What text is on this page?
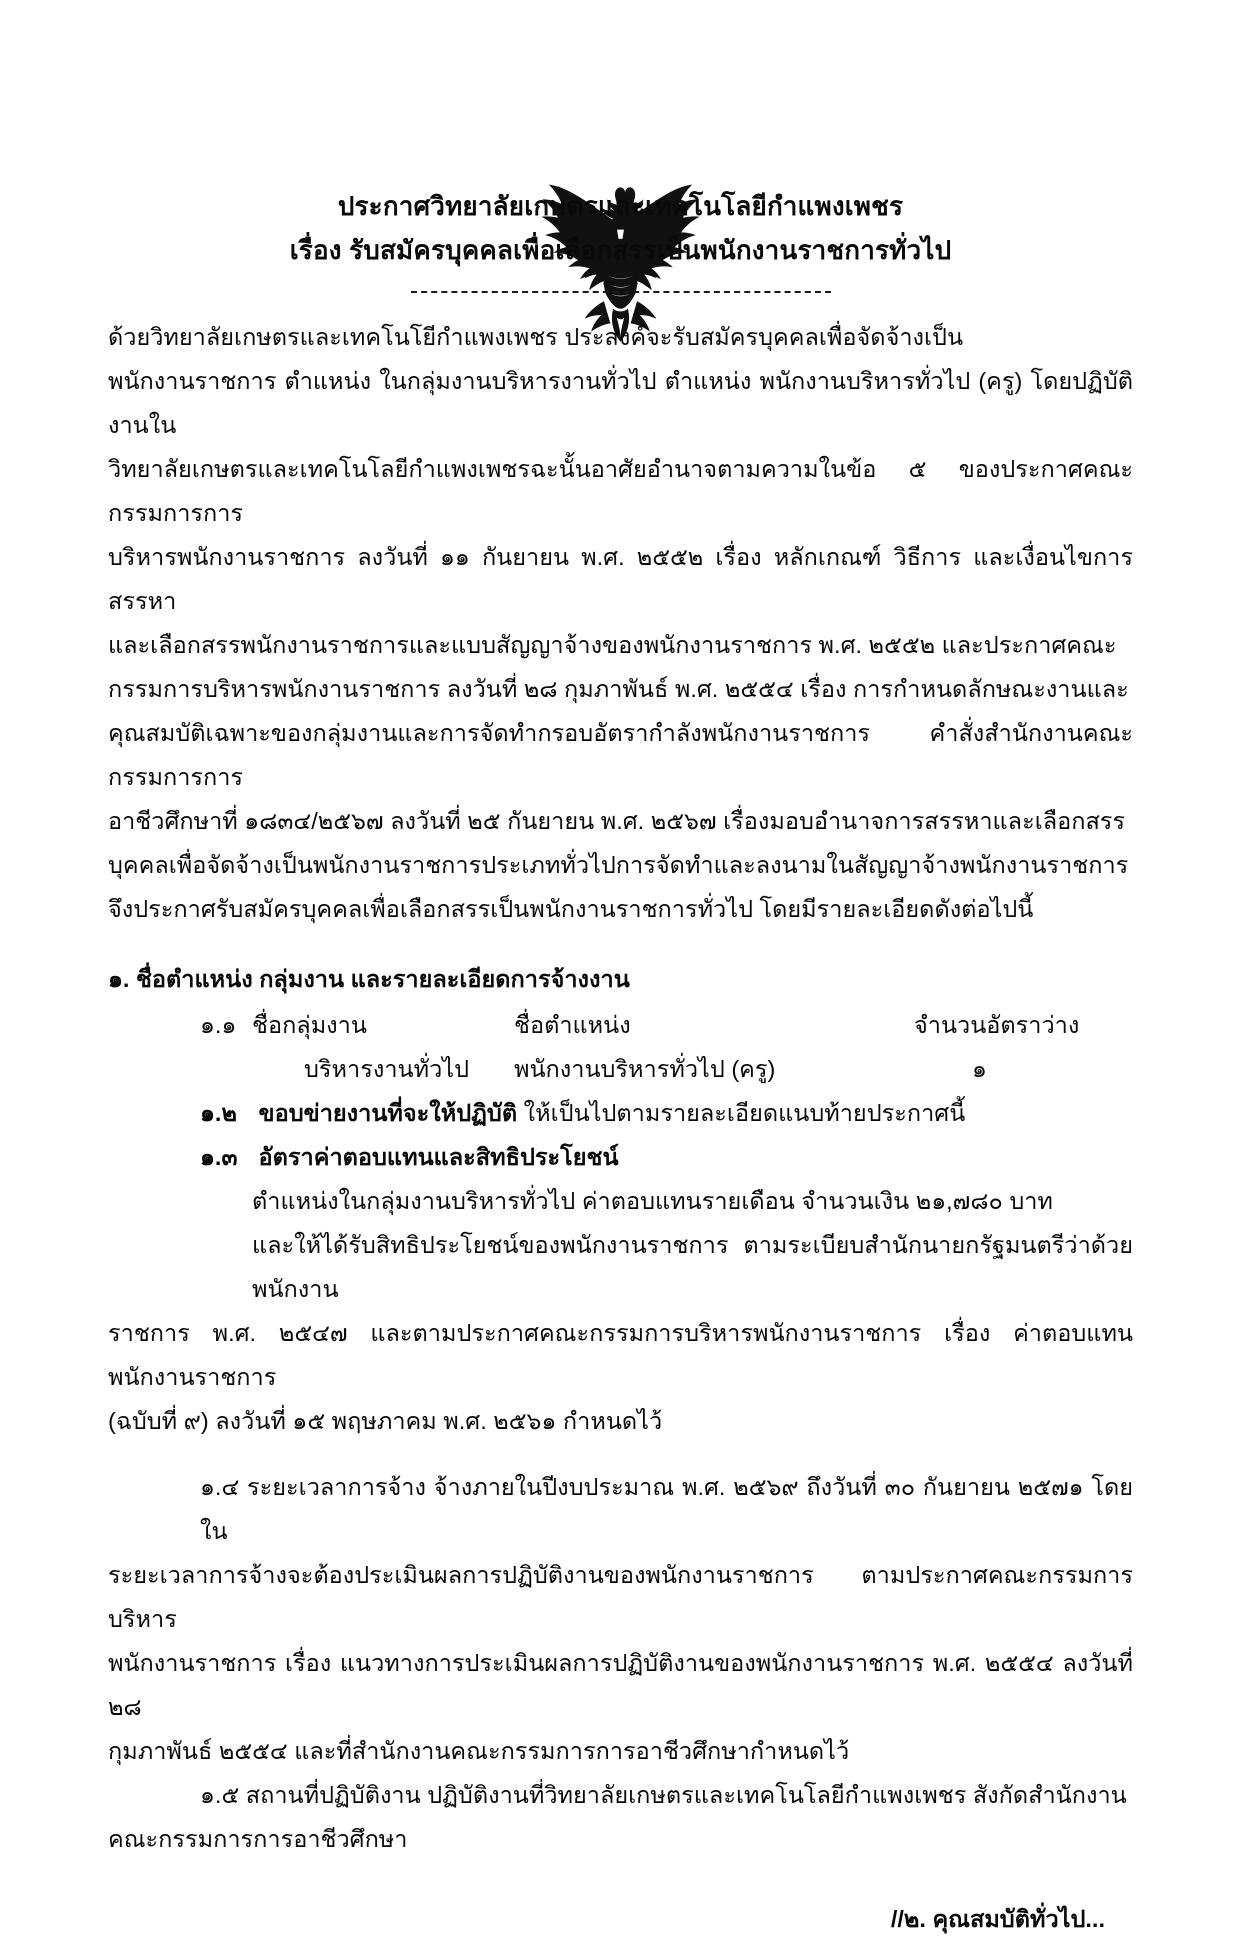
ประกาศวิทยาลัยเกษตรและเทคโนโลยีกำแพงเพชร
เรื่อง รับสมัครบุคคลเพื่อเลือกสรรเป็นพนักงานราชการทั่วไป

ด้วยวิทยาลัยเกษตรและเทคโนโยีกำแพงเพชร ประสงค์จะรับสมัครบุคคลเพื่อจัดจ้างเป็น

พนักงานราชการ ตำแหน่ง ในกลุ่มงานบริหารงานทั่วไป ตำแหน่ง พนักงานบริหารทั่วไป (ครู) โดยปฏิบัติงานใน

วิทยาลัยเกษตรและเทคโนโลยีกำแพงเพชรฉะนั้นอาศัยอำนาจตามความในข้อ ๕ ของประกาศคณะกรรมการการ

บริหารพนักงานราชการ ลงวันที่ ๑๑ กันยายน พ.ศ. ๒๕๕๒ เรื่อง หลักเกณฑ์ วิธีการ และเงื่อนไขการสรรหา

และเลือกสรรพนักงานราชการและแบบสัญญาจ้างของพนักงานราชการ พ.ศ. ๒๕๕๒ และประกาศคณะ

กรรมการบริหารพนักงานราชการ ลงวันที่ ๒๘ กุมภาพันธ์ พ.ศ. ๒๕๕๔ เรื่อง การกำหนดลักษณะงานและ

คุณสมบัติเฉพาะของกลุ่มงานและการจัดทำกรอบอัตรากำลังพนักงานราชการ คำสั่งสำนักงานคณะกรรมการการ

อาชีวศึกษาที่ ๑๘๓๔/๒๕๖๗ ลงวันที่ ๒๕ กันยายน พ.ศ. ๒๕๖๗ เรื่องมอบอำนาจการสรรหาและเลือกสรร

บุคคลเพื่อจัดจ้างเป็นพนักงานราชการประเภททั่วไปการจัดทำและลงนามในสัญญาจ้างพนักงานราชการ

จึงประกาศรับสมัครบุคคลเพื่อเลือกสรรเป็นพนักงานราชการทั่วไป โดยมีรายละเอียดดังต่อไปนี้

๑. ชื่อตำแหน่ง กลุ่มงาน และรายละเอียดการจ้างงาน
๑.๑	ชื่อกลุ่มงาน	ชื่อตำแหน่ง	จำนวนอัตราว่าง
	บริหารงานทั่วไป	พนักงานบริหารทั่วไป (ครู)	๑
๑.๒ ขอบข่ายงานที่จะให้ปฏิบัติ ให้เป็นไปตามรายละเอียดแนบท้ายประกาศนี้
๑.๓ อัตราค่าตอบแทนและสิทธิประโยชน์

ตำแหน่งในกลุ่มงานบริหารทั่วไป ค่าตอบแทนรายเดือน จำนวนเงิน ๒๑,๗๘๐ บาท

และให้ได้รับสิทธิประโยชน์ของพนักงานราชการ ตามระเบียบสำนักนายกรัฐมนตรีว่าด้วยพนักงาน

ราชการ พ.ศ. ๒๕๔๗ และตามประกาศคณะกรรมการบริหารพนักงานราชการ เรื่อง ค่าตอบแทนพนักงานราชการ

(ฉบับที่ ๙) ลงวันที่ ๑๕ พฤษภาคม พ.ศ. ๒๕๖๑ กำหนดไว้

๑.๔ ระยะเวลาการจ้าง จ้างภายในปีงบประมาณ พ.ศ. ๒๕๖๙ ถึงวันที่ ๓๐ กันยายน ๒๕๗๑ โดยใน

ระยะเวลาการจ้างจะต้องประเมินผลการปฏิบัติงานของพนักงานราชการ ตามประกาศคณะกรรมการบริหาร

พนักงานราชการ เรื่อง แนวทางการประเมินผลการปฏิบัติงานของพนักงานราชการ พ.ศ. ๒๕๕๔ ลงวันที่ ๒๘

กุมภาพันธ์ ๒๕๕๔ และที่สำนักงานคณะกรรมการการอาชีวศึกษากำหนดไว้

๑.๕ สถานที่ปฏิบัติงาน ปฏิบัติงานที่วิทยาลัยเกษตรและเทคโนโลยีกำแพงเพชร สังกัดสำนักงาน

คณะกรรมการการอาชีวศึกษา

//๒. คุณสมบัติทั่วไป...
